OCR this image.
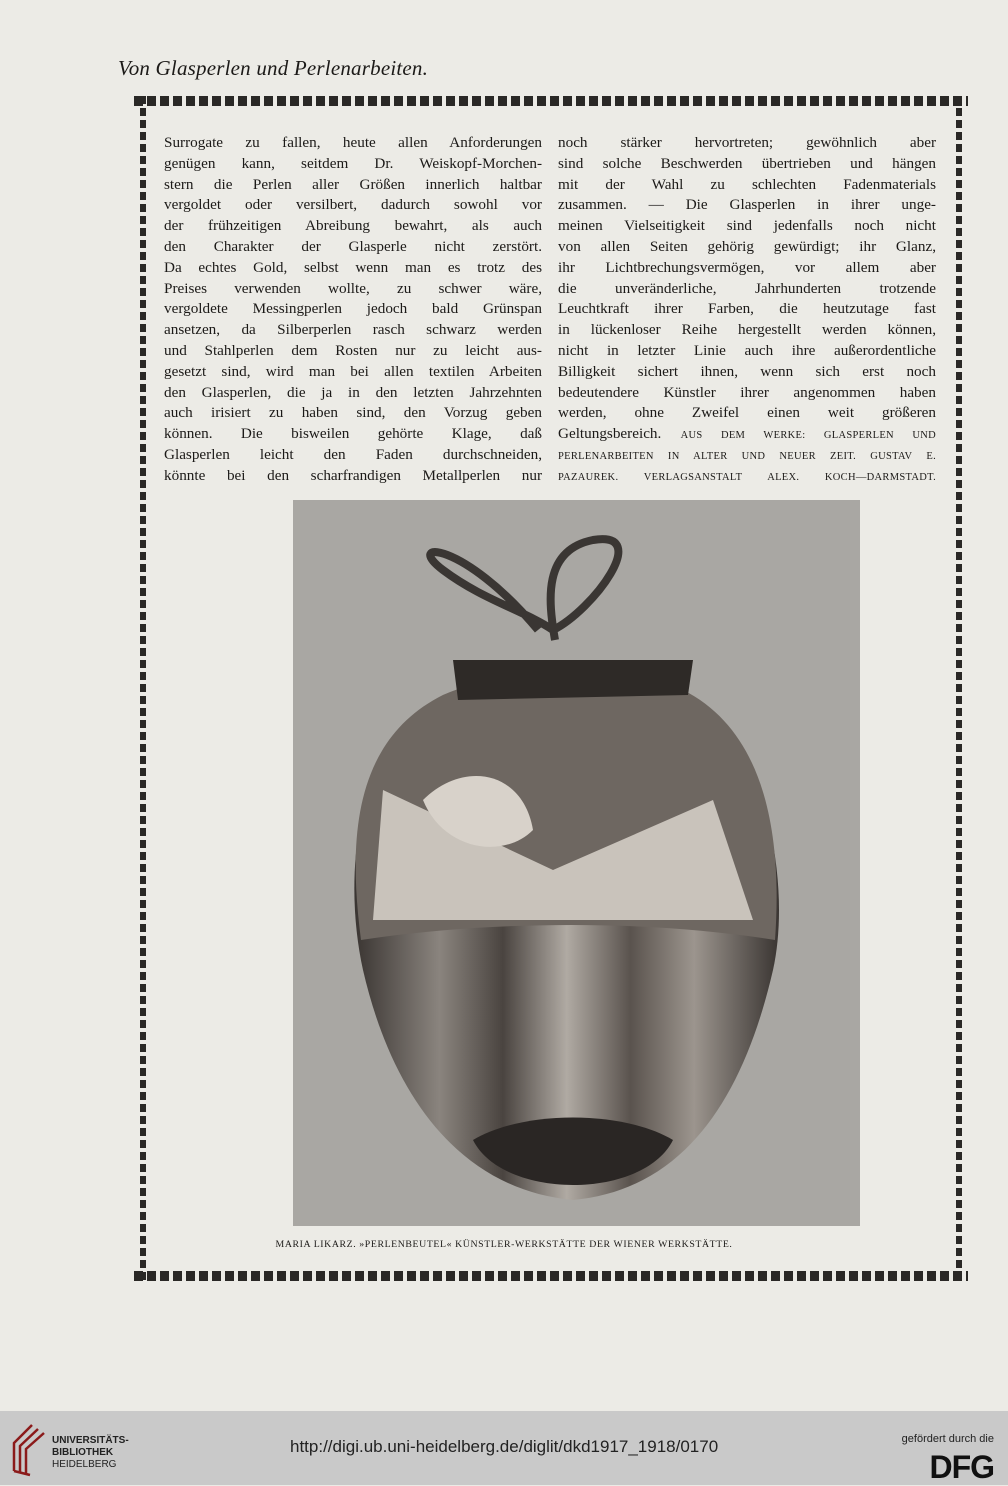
Von Glasperlen und Perlenarbeiten.
Surrogate zu fallen, heute allen Anforderungen
genügen kann, seitdem Dr. Weiskopf-Morchen-
stern die Perlen aller Größen innerlich haltbar
vergoldet oder versilbert, dadurch sowohl vor
der frühzeitigen Abreibung bewahrt, als auch
den Charakter der Glasperle nicht zerstört.
Da echtes Gold, selbst wenn man es trotz des
Preises verwenden wollte, zu schwer wäre,
vergoldete Messingperlen jedoch bald Grünspan
ansetzen, da Silberperlen rasch schwarz werden
und Stahlperlen dem Rosten nur zu leicht aus-
gesetzt sind, wird man bei allen textilen Arbeiten
den Glasperlen, die ja in den letzten Jahrzehnten
auch irisiert zu haben sind, den Vorzug geben
können. Die bisweilen gehörte Klage, daß
Glasperlen leicht den Faden durchschneiden,
könnte bei den scharfrandigen Metallperlen nur
noch stärker hervortreten; gewöhnlich aber
sind solche Beschwerden übertrieben und hängen
mit der Wahl zu schlechten Fadenmaterials
zusammen. — Die Glasperlen in ihrer unge-
meinen Vielseitigkeit sind jedenfalls noch nicht
von allen Seiten gehörig gewürdigt; ihr Glanz,
ihr Lichtbrechungsvermögen, vor allem aber
die unveränderliche, Jahrhunderten trotzende
Leuchtkraft ihrer Farben, die heutzutage fast
in lückenloser Reihe hergestellt werden können,
nicht in letzter Linie auch ihre außerordentliche
Billigkeit sichert ihnen, wenn sich erst noch
bedeutendere Künstler ihrer angenommen haben
werden, ohne Zweifel einen weit größeren
Geltungsbereich. AUS DEM WERKE: GLASPERLEN UND
PERLENARBEITEN IN ALTER UND NEUER ZEIT. GUSTAV E.
PAZAUREK. VERLAGSANSTALT ALEX. KOCH—DARMSTADT.
MARIA LIKARZ. »PERLENBEUTEL« KÜNSTLER-WERKSTÄTTE DER WIENER WERKSTÄTTE.
UNIVERSITÄTS-
BIBLIOTHEK
HEIDELBERG
http://digi.ub.uni-heidelberg.de/diglit/dkd1917_1918/0170	gefördert durch die
DFG
